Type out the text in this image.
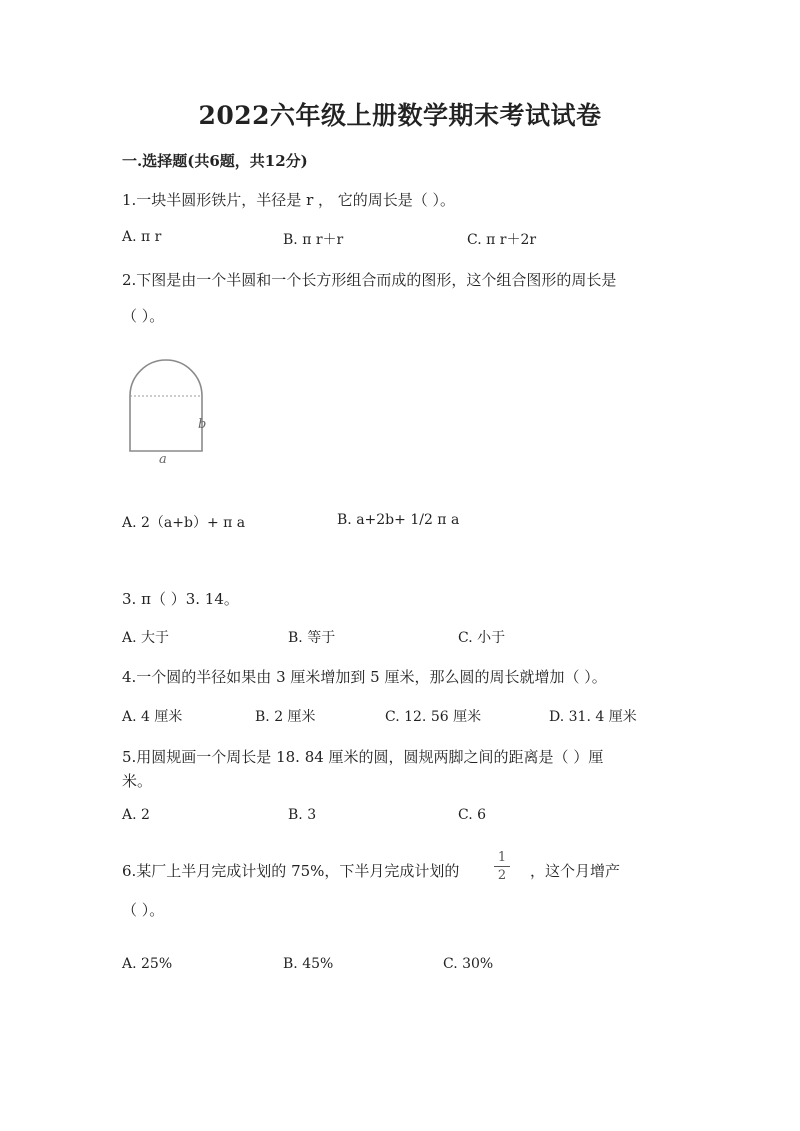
2022六年级上册数学期末考试试卷
一.选择题(共6题，共12分)
1.一块半圆形铁片，半径是 r ， 它的周长是（ ）。
A. π r	B. π r＋r	C. π r＋2r
2.下图是由一个半圆和一个长方形组合而成的图形，这个组合图形的周长是
（ ）。
b
a
A. 2（a+b）+ π a	B. a+2b+ 1/2 π a
3. π（ ）3. 14。
A. 大于	B. 等于	C. 小于
4.一个圆的半径如果由 3 厘米增加到 5 厘米，那么圆的周长就增加（ ）。
A. 4 厘米	B. 2 厘米	C. 12. 56 厘米	D. 31. 4 厘米
5.用圆规画一个周长是 18. 84 厘米的圆，圆规两脚之间的距离是（ ）厘
米。
A. 2	B. 3	C. 6
6.某厂上半月完成计划的 75%，下半月完成计划的
1
2 ，这个月增产
（ ）。
A. 25%	B. 45%	C. 30%
